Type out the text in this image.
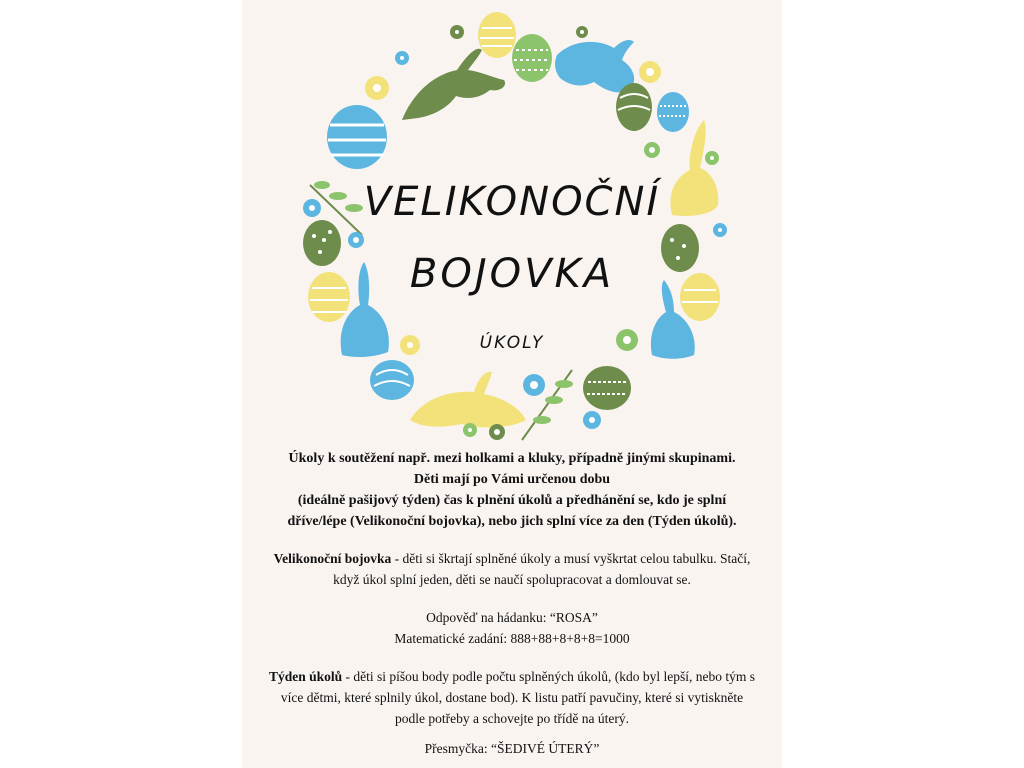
VELIKONOČNÍ
BOJOVKA
ÚKOLY
Úkoly k soutěžení např. mezi holkami a kluky, případně jinými skupinami.
Děti mají po Vámi určenou dobu
(ideálně pašijový týden) čas k plnění úkolů a předhánění se, kdo je splní
dříve/lépe (Velikonoční bojovka), nebo jich splní více za den (Týden úkolů).
Velikonoční bojovka - děti si škrtají splněné úkoly a musí vyškrtat celou tabulku. Stačí,
když úkol splní jeden, děti se naučí spolupracovat a domlouvat se.
Odpověď na hádanku: “ROSA”
Matematické zadání: 888+88+8+8+8=1000
Týden úkolů - děti si píšou body podle počtu splněných úkolů, (kdo byl lepší, nebo tým s
více dětmi, které splnily úkol, dostane bod). K listu patří pavučiny, které si vytiskněte
podle potřeby a schovejte po třídě na úterý.
Přesmyčka: “ŠEDIVÉ ÚTERÝ”
